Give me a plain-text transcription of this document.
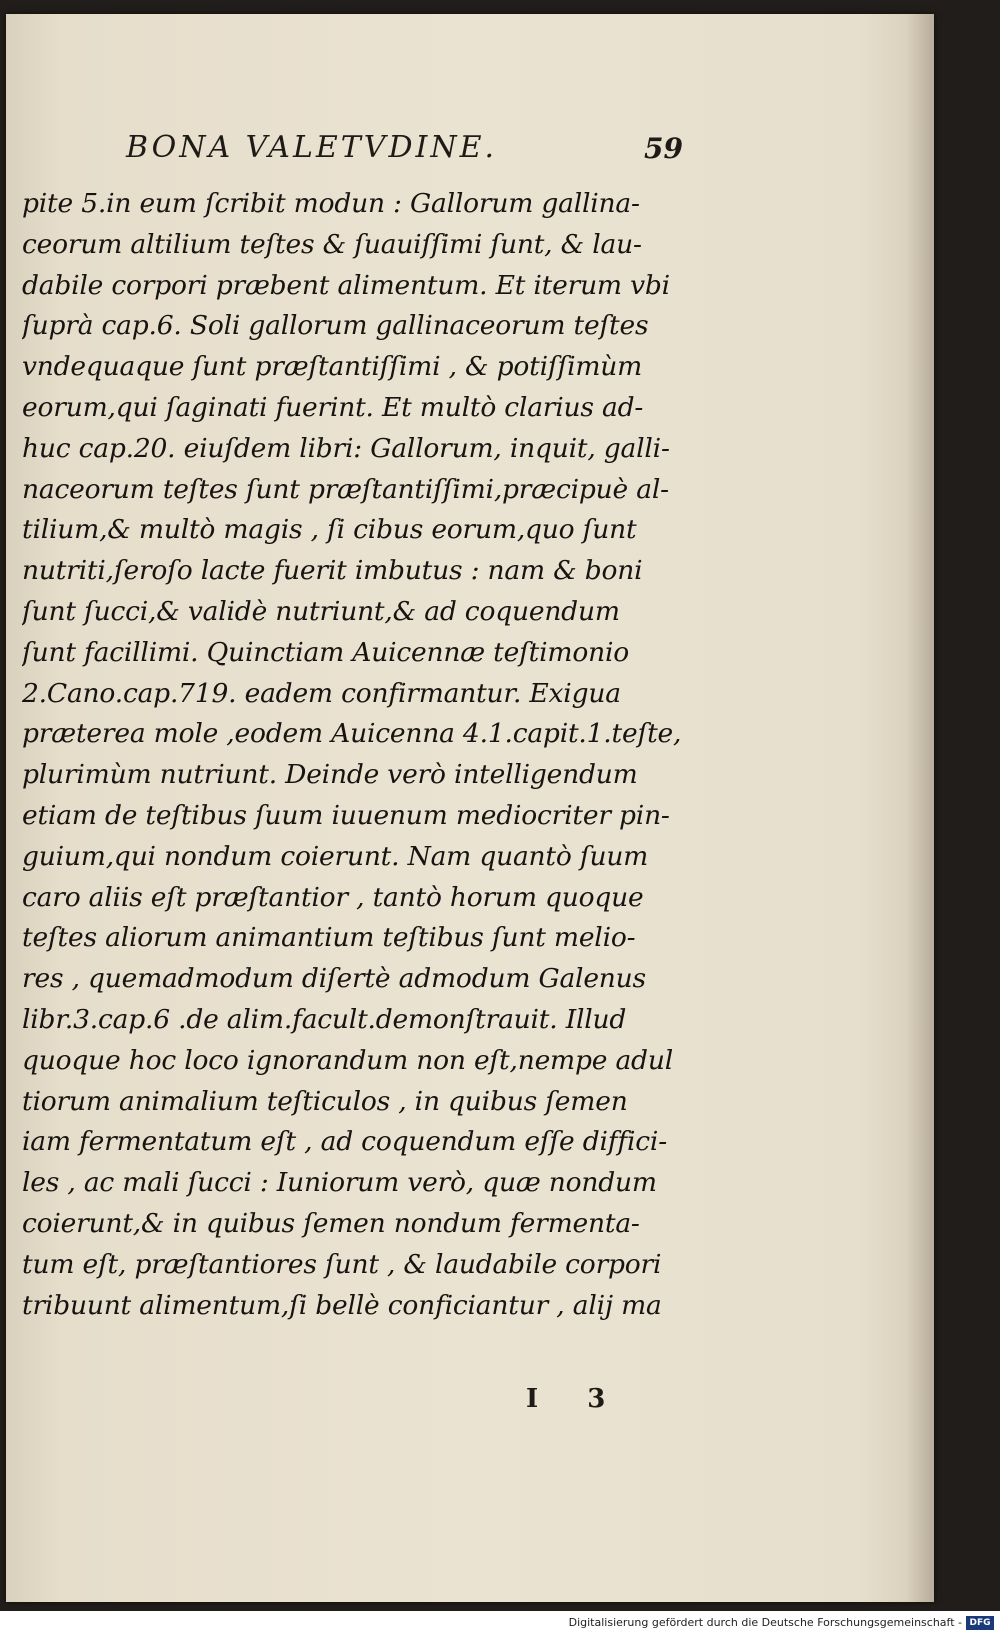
BONA VALETVDINE.	59
pite 5.in eum ſcribit modun : Gallorum gallina-
ceorum altilium teſtes & ſuauiſſimi ſunt, & lau-
dabile corpori præbent alimentum. Et iterum vbi
ſuprà cap.6. Soli gallorum gallinaceorum teſtes
vndequaque ſunt præſtantiſſimi , & potiſſimùm
eorum,qui ſaginati fuerint. Et multò clarius ad-
huc cap.20. eiuſdem libri: Gallorum, inquit, galli-
naceorum teſtes ſunt præſtantiſſimi,præcipuè al-
tilium,& multò magis , ſi cibus eorum,quo ſunt
nutriti,ſeroſo lacte fuerit imbutus : nam & boni
ſunt ſucci,& validè nutriunt,& ad coquendum
ſunt facillimi. Quinctiam Auicennæ teſtimonio
2.Cano.cap.719. eadem confirmantur. Exigua
præterea mole ,eodem Auicenna 4.1.capit.1.teſte,
plurimùm nutriunt. Deinde verò intelligendum
etiam de teſtibus ſuum iuuenum mediocriter pin-
guium,qui nondum coierunt. Nam quantò ſuum
caro aliis eſt præſtantior , tantò horum quoque
teſtes aliorum animantium teſtibus ſunt melio-
res , quemadmodum diſertè admodum Galenus
libr.3.cap.6 .de alim.facult.demonſtrauit. Illud
quoque hoc loco ignorandum non eſt,nempe adul
tiorum animalium teſticulos , in quibus ſemen
iam fermentatum eſt , ad coquendum eſſe diffici-
les , ac mali ſucci : Iuniorum verò, quæ nondum
coierunt,& in quibus ſemen nondum fermenta-
tum eſt, præſtantiores ſunt , & laudabile corpori
tribuunt alimentum,ſi bellè conficiantur , alij ma
I 3
Digitalisierung gefördert durch die Deutsche Forschungsgemeinschaft - DFG
